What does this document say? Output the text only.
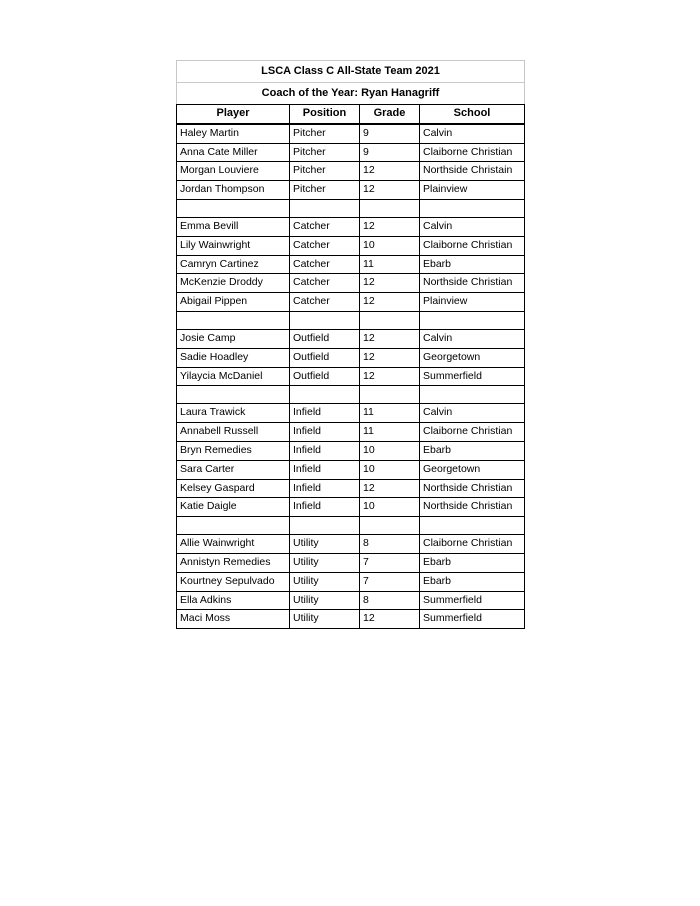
LSCA Class C All-State Team 2021			
Coach of the Year: Ryan Hanagriff			
Player	Position	Grade	School
Haley Martin	Pitcher	9	Calvin
Anna Cate Miller	Pitcher	9	Claiborne Christian
Morgan Louviere	Pitcher	12	Northside Christain
Jordan Thompson	Pitcher	12	Plainview

Emma Bevill	Catcher	12	Calvin
Lily Wainwright	Catcher	10	Claiborne Christian
Camryn Cartinez	Catcher	11	Ebarb
McKenzie Droddy	Catcher	12	Northside Christian
Abigail Pippen	Catcher	12	Plainview

Josie Camp	Outfield	12	Calvin
Sadie Hoadley	Outfield	12	Georgetown
Yilaycia McDaniel	Outfield	12	Summerfield

Laura Trawick	Infield	11	Calvin
Annabell Russell	Infield	11	Claiborne Christian
Bryn Remedies	Infield	10	Ebarb
Sara Carter	Infield	10	Georgetown
Kelsey Gaspard	Infield	12	Northside Christian
Katie Daigle	Infield	10	Northside Christian

Allie Wainwright	Utility	8	Claiborne Christian
Annistyn Remedies	Utility	7	Ebarb
Kourtney Sepulvado	Utility	7	Ebarb
Ella Adkins	Utility	8	Summerfield
Maci Moss	Utility	12	Summerfield
